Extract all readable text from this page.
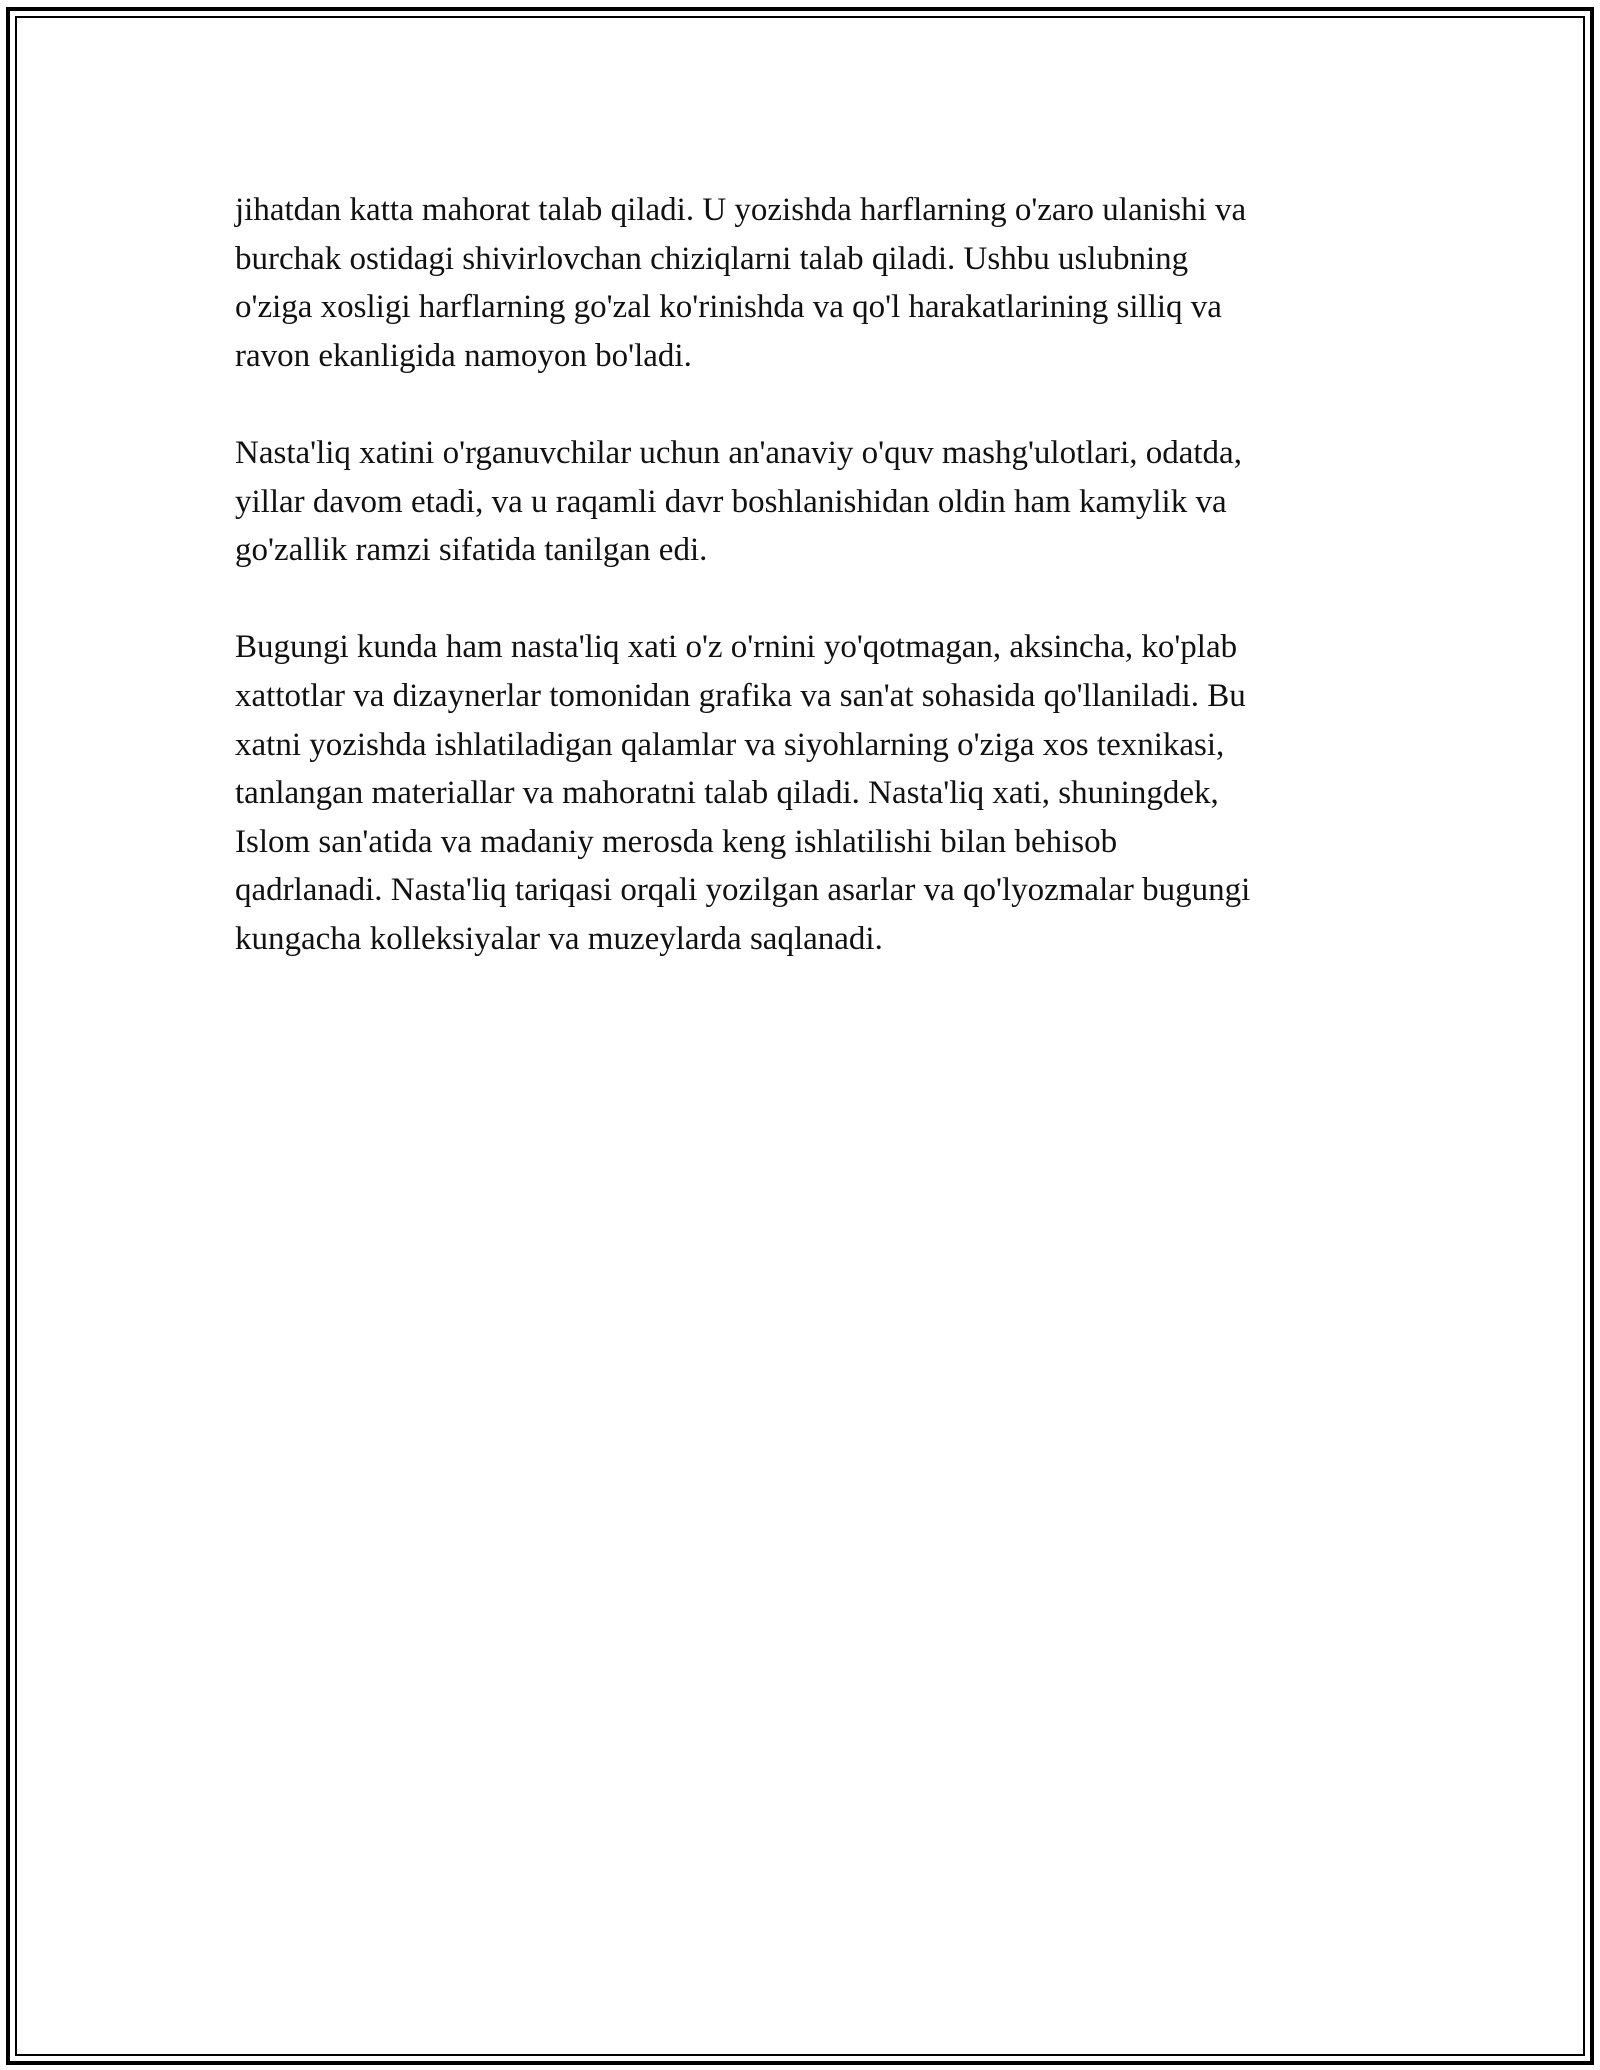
jihatdan katta mahorat talab qiladi. U yozishda harflarning o'zaro ulanishi va
burchak ostidagi shivirlovchan chiziqlarni talab qiladi. Ushbu uslubning
o'ziga xosligi harflarning go'zal ko'rinishda va qo'l harakatlarining silliq va
ravon ekanligida namoyon bo'ladi.

Nasta'liq xatini o'rganuvchilar uchun an'anaviy o'quv mashg'ulotlari, odatda,
yillar davom etadi, va u raqamli davr boshlanishidan oldin ham kamylik va
go'zallik ramzi sifatida tanilgan edi.

Bugungi kunda ham nasta'liq xati o'z o'rnini yo'qotmagan, aksincha, ko'plab
xattotlar va dizaynerlar tomonidan grafika va san'at sohasida qo'llaniladi. Bu
xatni yozishda ishlatiladigan qalamlar va siyohlarning o'ziga xos texnikasi,
tanlangan materiallar va mahoratni talab qiladi. Nasta'liq xati, shuningdek,
Islom san'atida va madaniy merosda keng ishlatilishi bilan behisob
qadrlanadi. Nasta'liq tariqasi orqali yozilgan asarlar va qo'lyozmalar bugungi
kungacha kolleksiyalar va muzeylarda saqlanadi.
